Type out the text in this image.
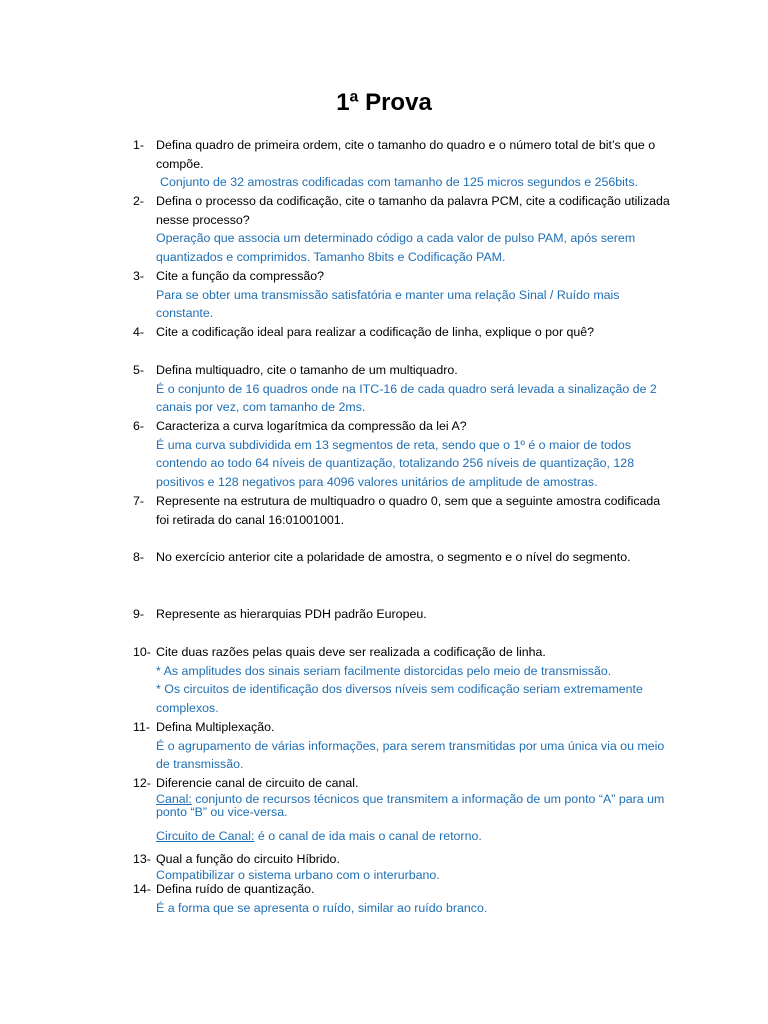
1ª Prova
1- Defina quadro de primeira ordem, cite o tamanho do quadro e o número total de bit’s que o compõe.
Conjunto de 32 amostras codificadas com tamanho de 125 micros segundos e 256bits.
2- Defina o processo da codificação, cite o tamanho da palavra PCM, cite a codificação utilizada nesse processo?
Operação que associa um determinado código a cada valor de pulso PAM, após serem quantizados e comprimidos. Tamanho 8bits e Codificação PAM.
3- Cite a função da compressão?
Para se obter uma transmissão satisfatória e manter uma relação Sinal / Ruído mais constante.
4- Cite a codificação ideal para realizar a codificação de linha, explique o por quê?
5- Defina multiquadro, cite o tamanho de um multiquadro.
É o conjunto de 16 quadros onde na ITC-16 de cada quadro será levada a sinalização de 2 canais por vez, com tamanho de 2ms.
6- Caracteriza a curva logarítmica da compressão da lei A?
É uma curva subdividida em 13 segmentos de reta, sendo que o 1º é o maior de todos contendo ao todo 64 níveis de quantização, totalizando 256 níveis de quantização, 128 positivos e 128 negativos para 4096 valores unitários de amplitude de amostras.
7- Represente na estrutura de multiquadro o quadro 0, sem que a seguinte amostra codificada foi retirada do canal 16:01001001.
8- No exercício anterior cite a polaridade de amostra, o segmento e o nível do segmento.
9- Represente as hierarquias PDH padrão Europeu.
10- Cite duas razões pelas quais deve ser realizada a codificação de linha.
* As amplitudes dos sinais seriam facilmente distorcidas pelo meio de transmissão.
* Os circuitos de identificação dos diversos níveis sem codificação seriam extremamente complexos.
11- Defina Multiplexação.
É o agrupamento de várias informações, para serem transmitidas por uma única via ou meio de transmissão.
12- Diferencie canal de circuito de canal.
Canal: conjunto de recursos técnicos que transmitem a informação de um ponto “A” para um ponto “B” ou vice-versa.
Circuito de Canal: é o canal de ida mais o canal de retorno.
13- Qual a função do circuito Híbrido.
Compatibilizar o sistema urbano com o interurbano.
14- Defina ruído de quantização.
É a forma que se apresenta o ruído, similar ao ruído branco.
